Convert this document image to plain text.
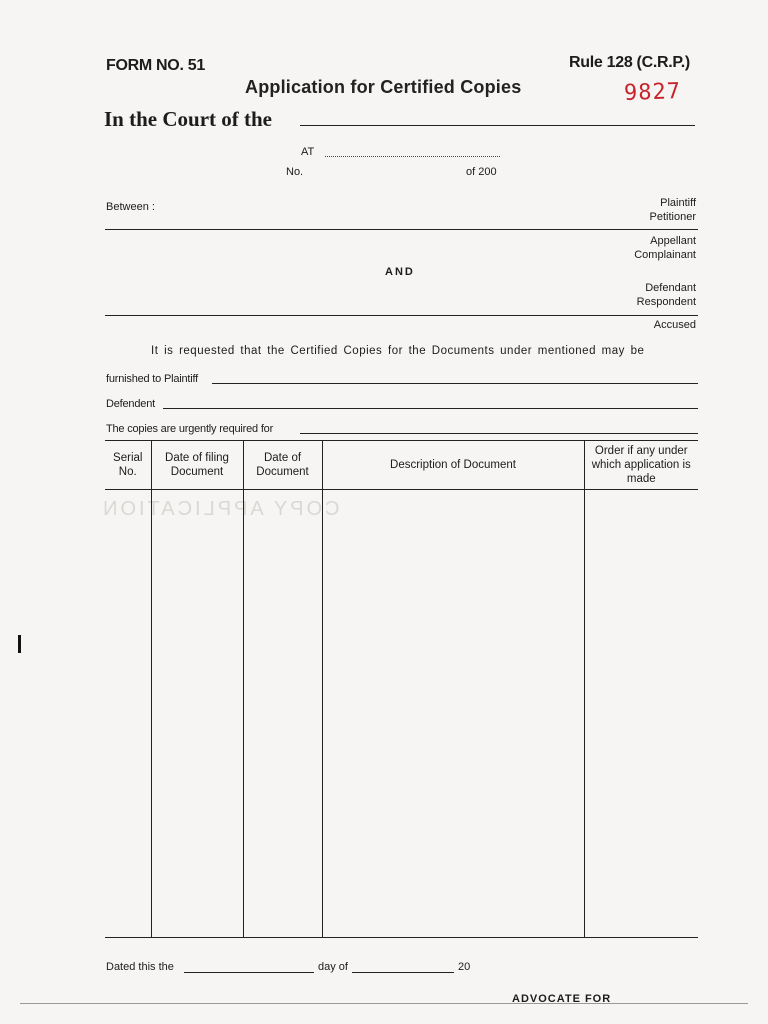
COPY APPLICATION
FORM NO. 51	Rule 128 (C.R.P.)
Application for Certified Copies	9827
In the Court of the
AT
No.	of 200
Between :	Plaintiff
Petitioner
Appellant
Complainant
AND
Defendant
Respondent
Accused
It is requested that the Certified Copies for the Documents under mentioned may be
furnished to Plaintiff
Defendent
The copies are urgently required for
Serial No.	Date of filing Document	Date of Document	Description of Document	Order if any under which application is made

Dated this the	day of	20
ADVOCATE FOR
